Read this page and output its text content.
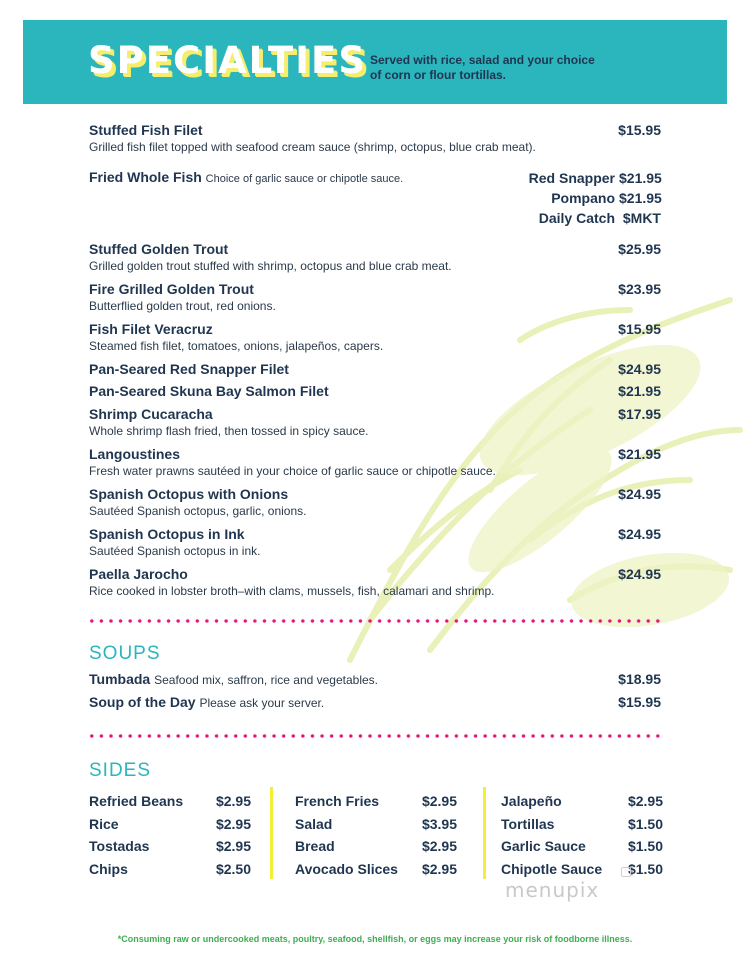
SPECIALTIES Served with rice, salad and your choice of corn or flour tortillas.
Stuffed Fish Filet	$15.95
Grilled fish filet topped with seafood cream sauce (shrimp, octopus, blue crab meat).
Fried Whole Fish Choice of garlic sauce or chipotle sauce.	Red Snapper $21.95
Pompano $21.95
Daily Catch $MKT
Stuffed Golden Trout	$25.95
Grilled golden trout stuffed with shrimp, octopus and blue crab meat.
Fire Grilled Golden Trout	$23.95
Butterflied golden trout, red onions.
Fish Filet Veracruz	$15.95
Steamed fish filet, tomatoes, onions, jalapeños, capers.
Pan-Seared Red Snapper Filet	$24.95
Pan-Seared Skuna Bay Salmon Filet	$21.95
Shrimp Cucaracha	$17.95
Whole shrimp flash fried, then tossed in spicy sauce.
Langoustines	$21.95
Fresh water prawns sautéed in your choice of garlic sauce or chipotle sauce.
Spanish Octopus with Onions	$24.95
Sautéed Spanish octopus, garlic, onions.
Spanish Octopus in Ink	$24.95
Sautéed Spanish octopus in ink.
Paella Jarocho	$24.95
Rice cooked in lobster broth–with clams, mussels, fish, calamari and shrimp.
Tumbada Seafood mix, saffron, rice and vegetables.	$18.95
Soup of the Day Please ask your server.	$15.95
SOUPS
SIDES
Refried Beans $2.95
Rice	$2.95
Tostadas	$2.95
Chips	$2.50
French Fries	$2.95
Salad	$3.95
Bread	$2.95
Avocado Slices $2.95
Jalapeño	$2.95
Tortillas	$1.50
Garlic Sauce	$1.50
Chipotle Sauce $1.50
menupix
*Consuming raw or undercooked meats, poultry, seafood, shellfish, or eggs may increase your risk of foodborne illness.
